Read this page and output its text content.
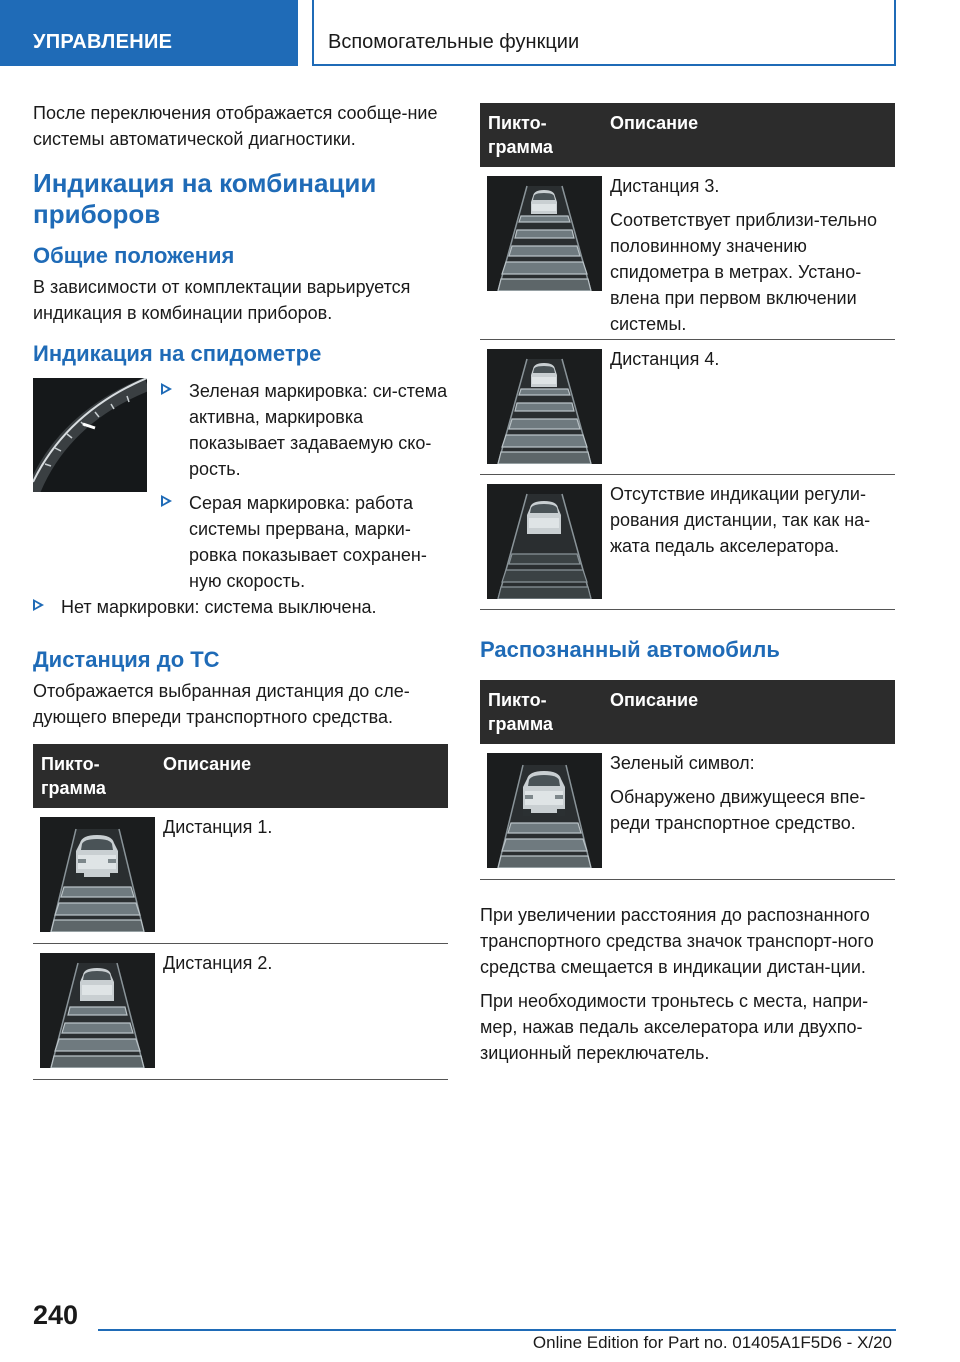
УПРАВЛЕНИЕ	Вспомогательные функции

После переключения отображается сообще-ние системы автоматической диагностики.

Индикация на комбинации приборов
Общие положения

В зависимости от комплектации варьируется индикация в комбинации приборов.

Индикация на спидометре
Зеленая маркировка: си-стема активна, маркировка показывает задаваемую ско-рость.
Серая маркировка: работа системы прервана, марки-ровка показывает сохранен-ную скорость.
Нет маркировки: система выключена.
Дистанция до ТС

Отображается выбранная дистанция до сле-дующего впереди транспортного средства.

Пикто-грамма
Описание

Дистанция 1.

Дистанция 2.

Пикто-грамма
Описание

Дистанция 3.

Соответствует приблизи-тельно половинному значению спидометра в метрах. Устано-влена при первом включении системы.

Дистанция 4.

Отсутствие индикации регули-рования дистанции, так как на-жата педаль акселератора.

Распознанный автомобиль
Пикто-грамма
Описание

Зеленый символ:

Обнаружено движущееся впе-реди транспортное средство.

При увеличении расстояния до распознанного транспортного средства значок транспорт-ного средства смещается в индикации дистан-ции.

При необходимости троньтесь с места, напри-мер, нажав педаль акселератора или двухпо-зиционный переключатель.

240
Online Edition for Part no. 01405A1F5D6 - X/20
